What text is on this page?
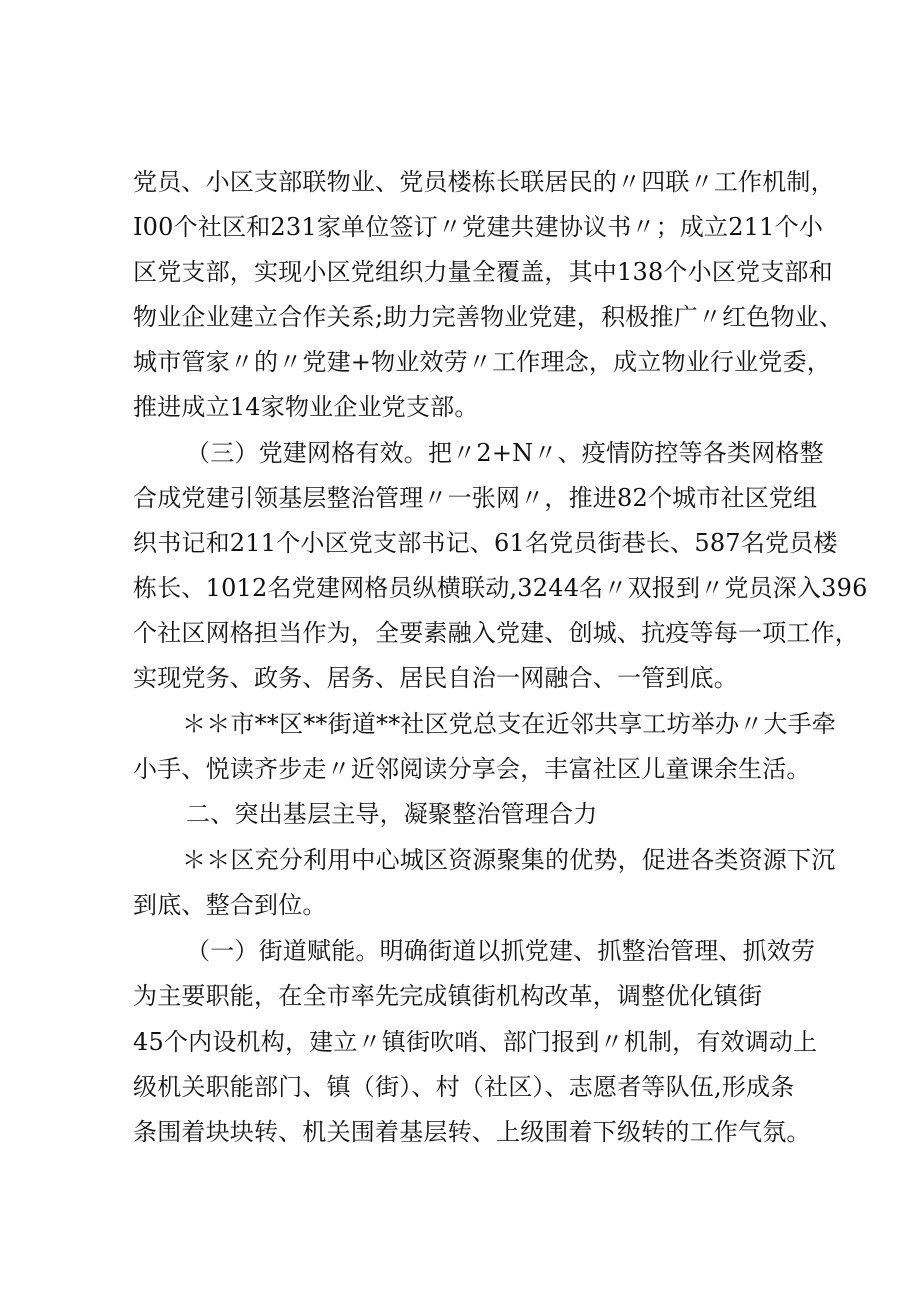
党员、小区支部联物业、党员楼栋长联居民的〃四联〃工作机制，
I00个社区和231家单位签订〃党建共建协议书〃；成立211个小
区党支部，实现小区党组织力量全覆盖，其中138个小区党支部和
物业企业建立合作关系;助力完善物业党建，积极推广〃红色物业、
城市管家〃的〃党建+物业效劳〃工作理念，成立物业行业党委，
推进成立14家物业企业党支部。
（三）党建网格有效。把〃2+N〃、疫情防控等各类网格整
合成党建引领基层整治管理〃一张网〃，推进82个城市社区党组
织书记和211个小区党支部书记、61名党员街巷长、587名党员楼
栋长、1012名党建网格员纵横联动,3244名〃双报到〃党员深入396
个社区网格担当作为，全要素融入党建、创城、抗疫等每一项工作，
实现党务、政务、居务、居民自治一网融合、一管到底。
＊＊市**区**街道**社区党总支在近邻共享工坊举办〃大手牵
小手、悦读齐步走〃近邻阅读分享会，丰富社区儿童课余生活。
二、突出基层主导，凝聚整治管理合力
＊＊区充分利用中心城区资源聚集的优势，促进各类资源下沉
到底、整合到位。
（一）街道赋能。明确街道以抓党建、抓整治管理、抓效劳
为主要职能，在全市率先完成镇街机构改革，调整优化镇街
45个内设机构，建立〃镇街吹哨、部门报到〃机制，有效调动上
级机关职能部门、镇（街）、村（社区）、志愿者等队伍,形成条
条围着块块转、机关围着基层转、上级围着下级转的工作气氛。
